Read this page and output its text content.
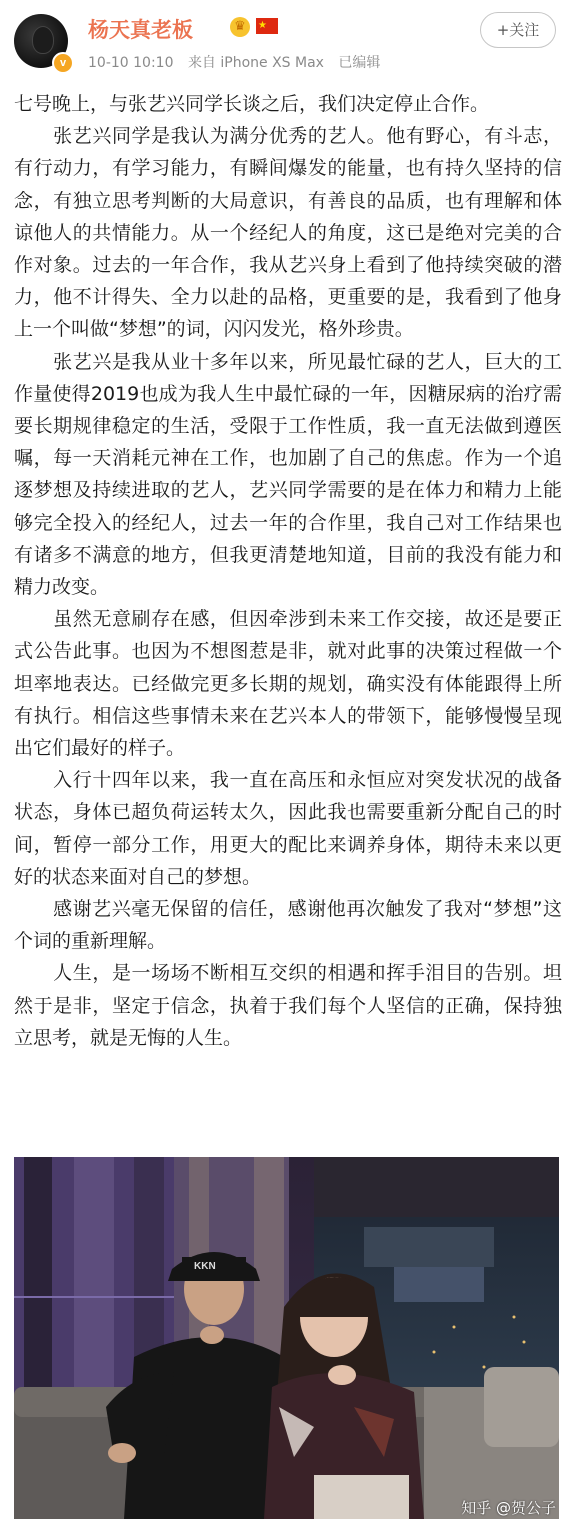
v
杨天真老板	♛	★
10-10 10:10 来自 iPhone XS Max 已编辑
+关注

七号晚上，与张艺兴同学长谈之后，我们决定停止合作。

　　张艺兴同学是我认为满分优秀的艺人。他有野心，有斗志，有行动力，有学习能力，有瞬间爆发的能量，也有持久坚持的信念，有独立思考判断的大局意识，有善良的品质，也有理解和体谅他人的共情能力。从一个经纪人的角度，这已是绝对完美的合作对象。过去的一年合作，我从艺兴身上看到了他持续突破的潜力，他不计得失、全力以赴的品格，更重要的是，我看到了他身上一个叫做“梦想”的词，闪闪发光，格外珍贵。

　　张艺兴是我从业十多年以来，所见最忙碌的艺人，巨大的工作量使得2019也成为我人生中最忙碌的一年，因糖尿病的治疗需要长期规律稳定的生活，受限于工作性质，我一直无法做到遵医嘱，每一天消耗元神在工作，也加剧了自己的焦虑。作为一个追逐梦想及持续进取的艺人，艺兴同学需要的是在体力和精力上能够完全投入的经纪人，过去一年的合作里，我自己对工作结果也有诸多不满意的地方，但我更清楚地知道，目前的我没有能力和精力改变。

　　虽然无意刷存在感，但因牵涉到未来工作交接，故还是要正式公告此事。也因为不想图惹是非，就对此事的决策过程做一个坦率地表达。已经做完更多长期的规划，确实没有体能跟得上所有执行。相信这些事情未来在艺兴本人的带领下，能够慢慢呈现出它们最好的样子。

　　入行十四年以来，我一直在高压和永恒应对突发状况的战备状态，身体已超负荷运转太久，因此我也需要重新分配自己的时间，暂停一部分工作，用更大的配比来调养身体，期待未来以更好的状态来面对自己的梦想。

　　感谢艺兴毫无保留的信任，感谢他再次触发了我对“梦想”这个词的重新理解。

　　人生，是一场场不断相互交织的相遇和挥手泪目的告别。坦然于是非，坚定于信念，执着于我们每个人坚信的正确，保持独立思考，就是无悔的人生。

KKN
知乎 @贺公子
